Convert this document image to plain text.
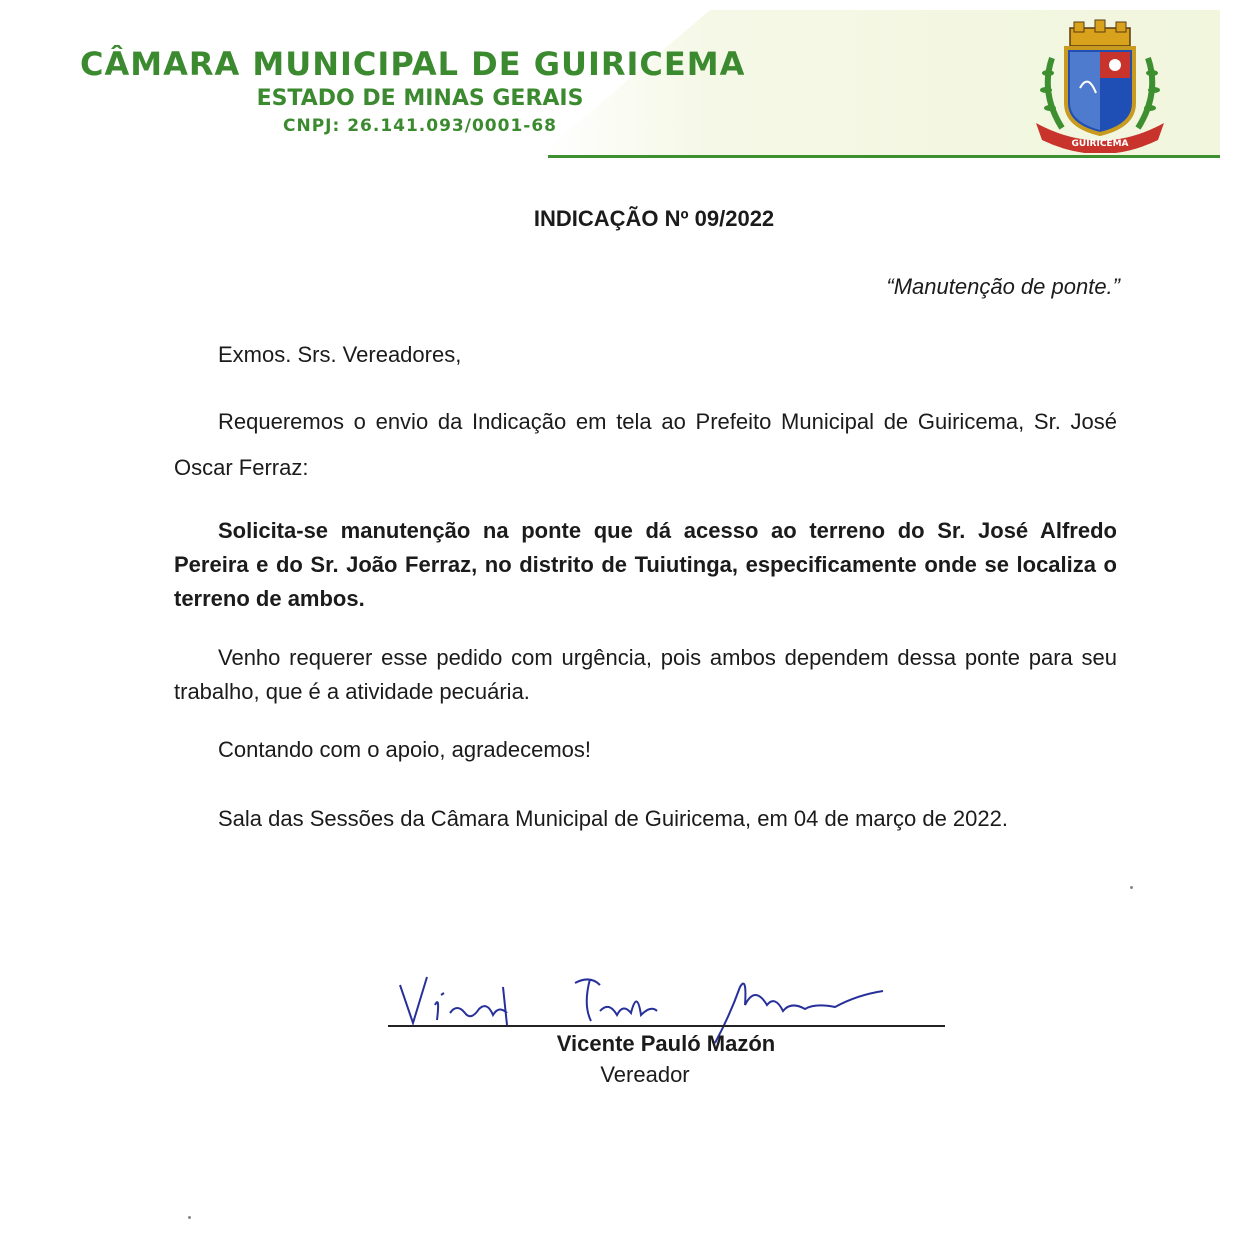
CÂMARA MUNICIPAL DE GUIRICEMA
ESTADO DE MINAS GERAIS
CNPJ: 26.141.093/0001-68
GUIRICEMA
INDICAÇÃO Nº 09/2022
“Manutenção de ponte.”
Exmos. Srs. Vereadores,
Requeremos o envio da Indicação em tela ao Prefeito Municipal de Guiricema, Sr. José Oscar Ferraz:
Solicita-se manutenção na ponte que dá acesso ao terreno do Sr. José Alfredo Pereira e do Sr. João Ferraz, no distrito de Tuiutinga, especificamente onde se localiza o terreno de ambos.
Venho requerer esse pedido com urgência, pois ambos dependem dessa ponte para seu trabalho, que é a atividade pecuária.
Contando com o apoio, agradecemos!
Sala das Sessões da Câmara Municipal de Guiricema, em 04 de março de 2022.
Vicente Pauló Mazón
Vereador
